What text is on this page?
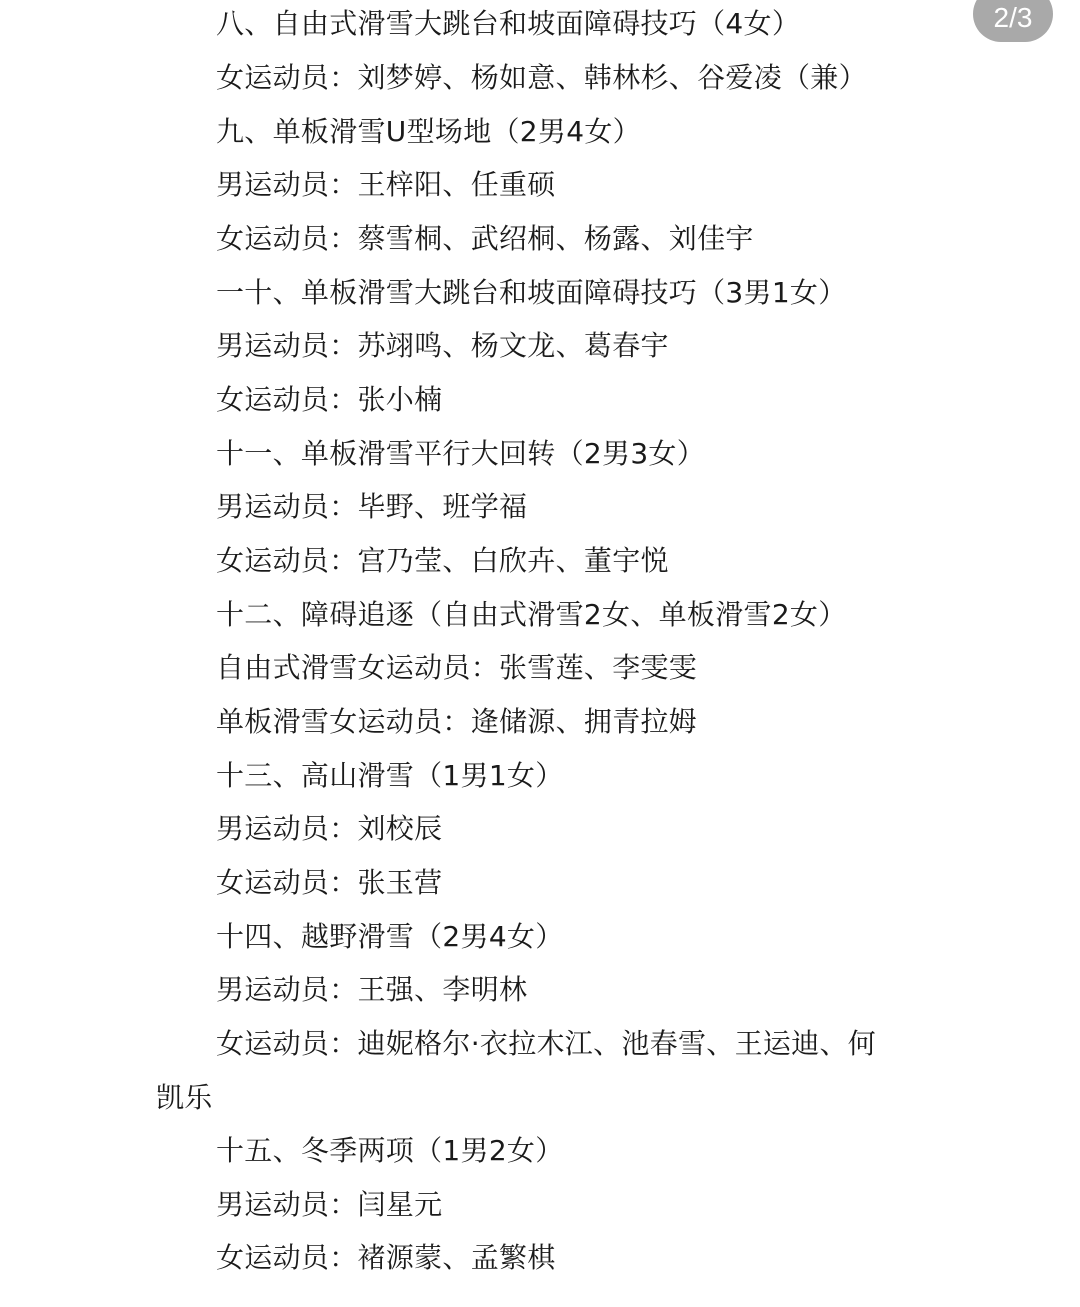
八、自由式滑雪大跳台和坡面障碍技巧（4女）
女运动员：刘梦婷、杨如意、韩林杉、谷爱凌（兼）
九、单板滑雪U型场地（2男4女）
男运动员：王梓阳、任重硕
女运动员：蔡雪桐、武绍桐、杨露、刘佳宇
一十、单板滑雪大跳台和坡面障碍技巧（3男1女）
男运动员：苏翊鸣、杨文龙、葛春宇
女运动员：张小楠
十一、单板滑雪平行大回转（2男3女）
男运动员：毕野、班学福
女运动员：宫乃莹、白欣卉、董宇悦
十二、障碍追逐（自由式滑雪2女、单板滑雪2女）
自由式滑雪女运动员：张雪莲、李雯雯
单板滑雪女运动员：逄储源、拥青拉姆
十三、高山滑雪（1男1女）
男运动员：刘校辰
女运动员：张玉营
十四、越野滑雪（2男4女）
男运动员：王强、李明林
女运动员：迪妮格尔·衣拉木江、池春雪、王运迪、何
凯乐
十五、冬季两项（1男2女）
男运动员：闫星元
女运动员：褚源蒙、孟繁棋
2/3
